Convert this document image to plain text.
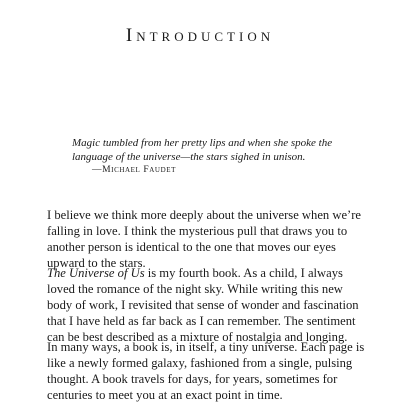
Introduction

Magic tumbled from her pretty lips and when she spoke the language of the universe—the stars sighed in unison.

—Michael Faudet

I believe we think more deeply about the universe when we’re falling in love. I think the mysterious pull that draws you to another person is identical to the one that moves our eyes upward to the stars.

The Universe of Us is my fourth book. As a child, I always loved the romance of the night sky. While writing this new body of work, I revisited that sense of wonder and fascination that I have held as far back as I can remember. The sentiment can be best described as a mixture of nostalgia and longing.

In many ways, a book is, in itself, a tiny universe. Each page is like a newly formed galaxy, fashioned from a single, pulsing thought. A book travels for days, for years, sometimes for centuries to meet you at an exact point in time.
